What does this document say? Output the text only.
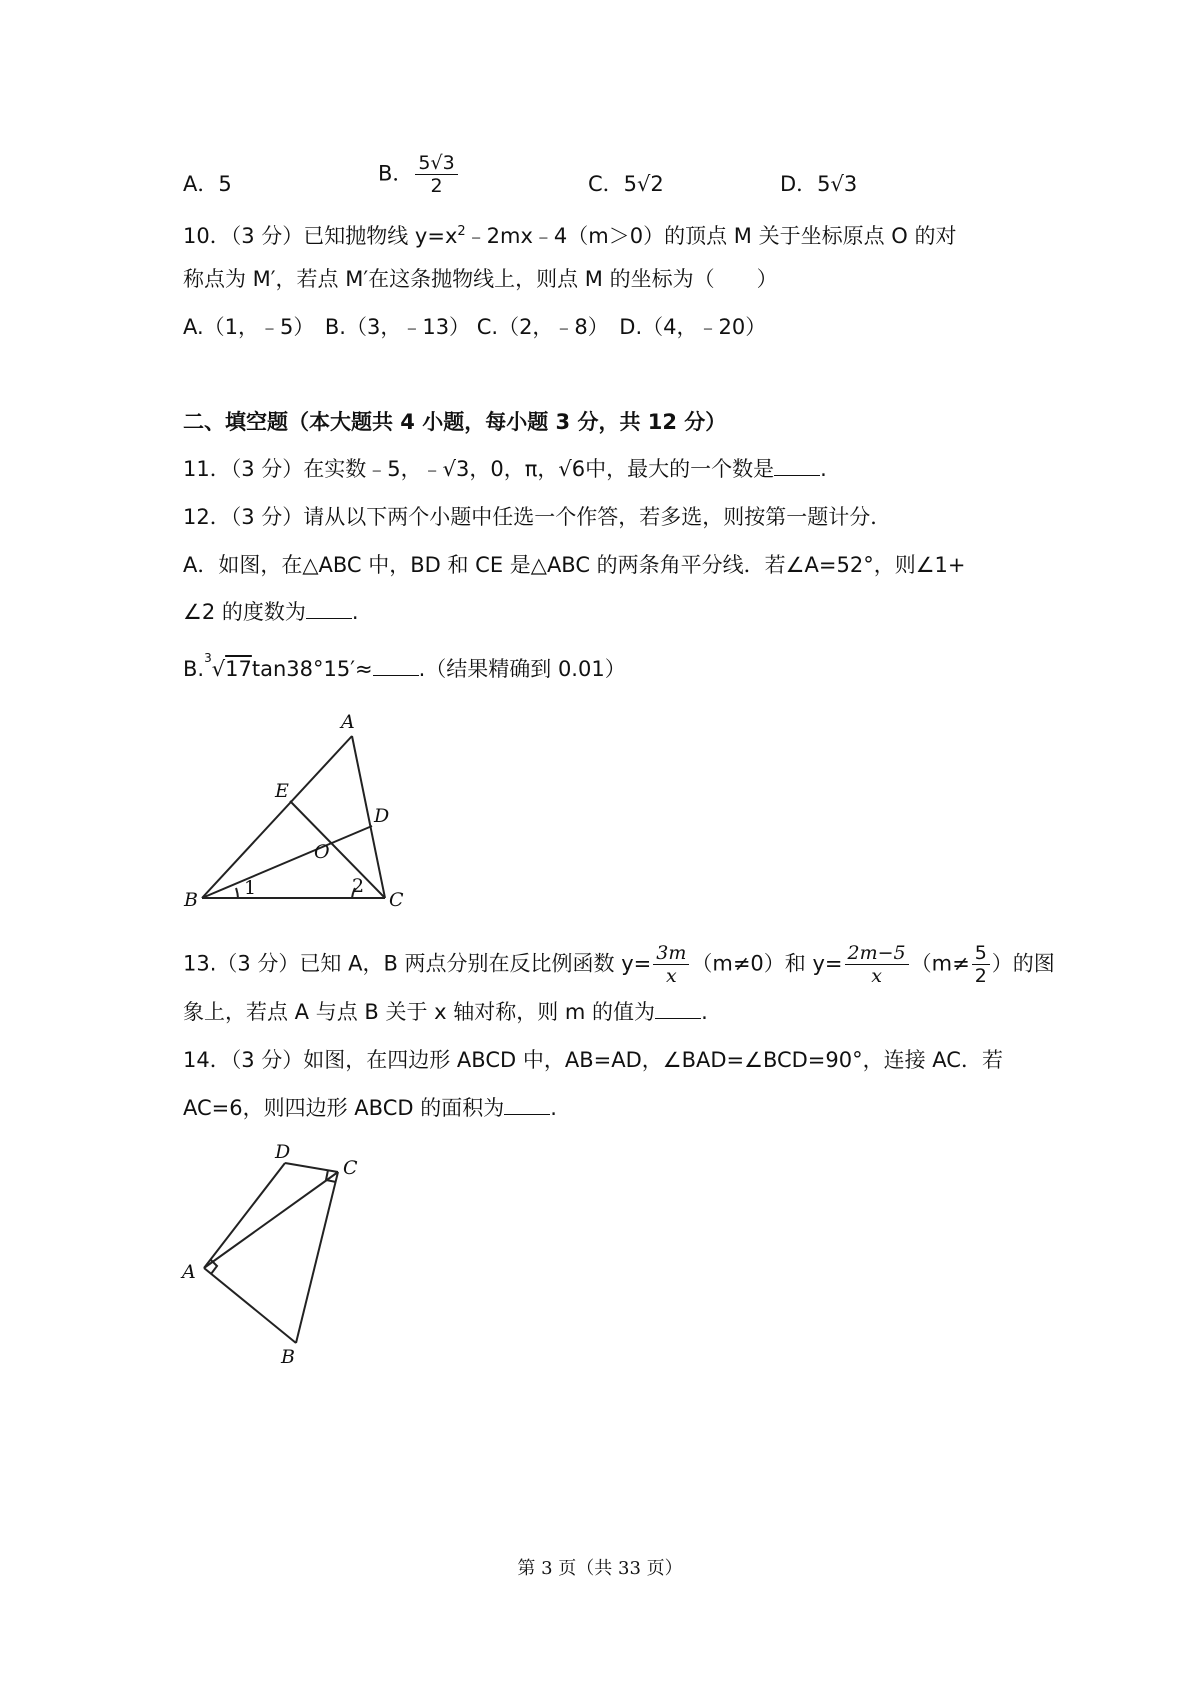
A．5	B． $\frac{5√3}{2}$	C．5√2	D．5√3
10．（3 分）已知抛物线 $y=x^2﹣2mx﹣4(m>0)$的顶点 M 关于坐标原点 O 的对
称点为 M′，若点 M′在这条抛物线上，则点 M 的坐标为（　　）
A.（1，﹣5）　B.（3，﹣13） C.（2，﹣8）　D.（4，﹣20）
二、填空题（本大题共 4 小题，每小题 3 分，共 12 分）
11．（3 分）在实数﹣5，﹣√3，0，π，√6中，最大的一个数是 .
12．（3 分）请从以下两个小题中任选一个作答，若多选，则按第一题计分．
A．如图，在△ABC 中，BD 和 CE 是△ABC 的两条角平分线．若∠A=52°，则∠1+
∠2 的度数为 .
B.$^3$√17tan38°15′≈ .（结果精确到 0.01）
A
B	C
D
E
O
1	2
D
C
A
B
13.（3 分）已知 A，B 两点分别在反比例函数 $y= \frac{3m}{x} (m\ne 0)$和 $y= \frac{2m-5}{x} (m\ne \frac{5}{2}$ ）的图
象上，若点 A 与点 B 关于 x 轴对称，则 m 的值为 .
14．（3 分）如图，在四边形 ABCD 中，AB=AD，∠BAD=∠BCD=90°，连接 AC．若
AC=6，则四边形 ABCD 的面积为 .
第 3 页（共 33 页）
